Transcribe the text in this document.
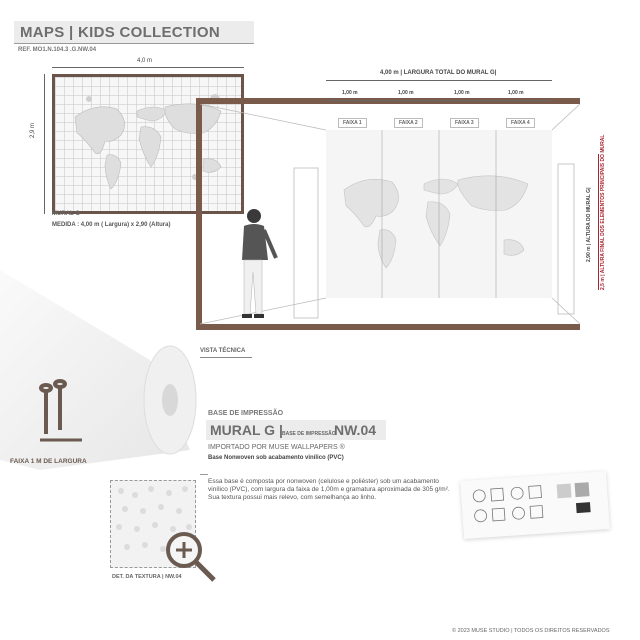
MAPS | KIDS COLLECTION
REF. MO1.N.104.3 .G.NW.04
4,0 m
2,9 m
MURAL G
MEDIDA : 4,00 m ( Largura) x 2,90 (Altura)
4,00 m | LARGURA TOTAL DO MURAL G|
1,00 m	1,00 m	1,00 m	1,00 m
FAIXA 1	FAIXA 2	FAIXA 3	FAIXA 4
2,90 m | ALTURA DO MURAL G| 2,5 m | ALTURA FINAL DOS ELEMENTOS PRINCIPAIS DO MURAL
VISTA TÉCNICA
FAIXA 1 M DE LARGURA
BASE DE IMPRESSÃO
MURAL G | BASE DE IMPRESSÃO
NW.04
IMPORTADO POR MUSE WALLPAPERS ®
Base Nonwoven sob acabamento vinílico (PVC)
Essa base é composta por nonwoven (celulose e poliéster) sob um acabamento vinílico (PVC), com largura da faixa de 1,00m e gramatura aproximada de 305 g/m². Sua textura possui mais relevo, com semelhança ao linho.
DET. DA TEXTURA | NW.04
© 2023 MUSE STUDIO | TODOS OS DIREITOS RESERVADOS
